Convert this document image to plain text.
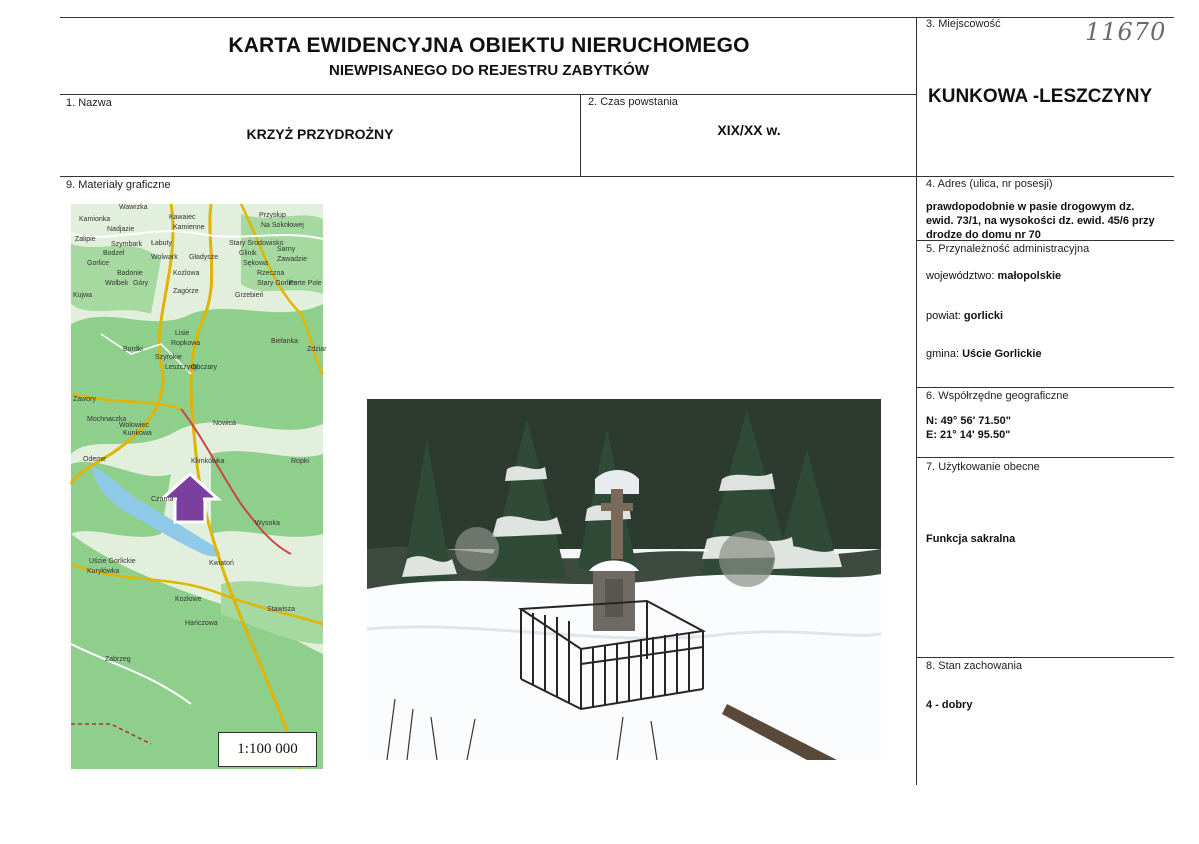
KARTA EWIDENCYJNA OBIEKTU NIERUCHOMEGO
NIEWPISANEGO DO REJESTRU ZABYTKÓW
11670
1. Nazwa
KRZYŻ PRZYDROŻNY
2. Czas powstania
XIX/XX w.
3. Miejscowość
KUNKOWA -LESZCZYNY
4. Adres (ulica, nr posesji)
prawdopodobnie w pasie drogowym dz.
ewid. 73/1, na wysokości dz. ewid. 45/6 przy
drodze do domu nr 70
5. Przynależność administracyjna
województwo: małopolskie
powiat: gorlicki
gmina: Uście Gorlickie
6. Współrzędne geograficzne
N: 49° 56' 71.50"
E: 21° 14' 95.50"
7. Użytkowanie obecne
Funkcja sakralna
8. Stan zachowania
4 - dobry
9. Materiały graficzne
Wawrzka
Kamionka	Kawaiec
Kamienne
Przysłup
Na Sokołowej
Nadjazie
Zalipie
Szymbark Łabuty
Bodzel
Gorlice	Sękowa
Wolwark Gładysze
Stary Środowisko
Glinik
Sarny
Zawadzie
Badonie
Wolbek Góry
Kozlowa	Rzeczna
Stary Gorlice
Porte Pole
Zagórze
Kujwa	Grzebień
Lisie
Ropkowa	Bielanka
Zdziar
Bordki
Szyrokie
Leszczyny
Obczary
Zawory
Mochnaczka
Wolowiec
Kunkowa
Nowica
Klimkówka	Ropki
Odeme
Czarna
Wysoka
Uście Gorlickie
Kuryłówka
Kwiatoń
Kozłowe
Stawisza
Hańczowa
Zabrzeg
1:100 000
